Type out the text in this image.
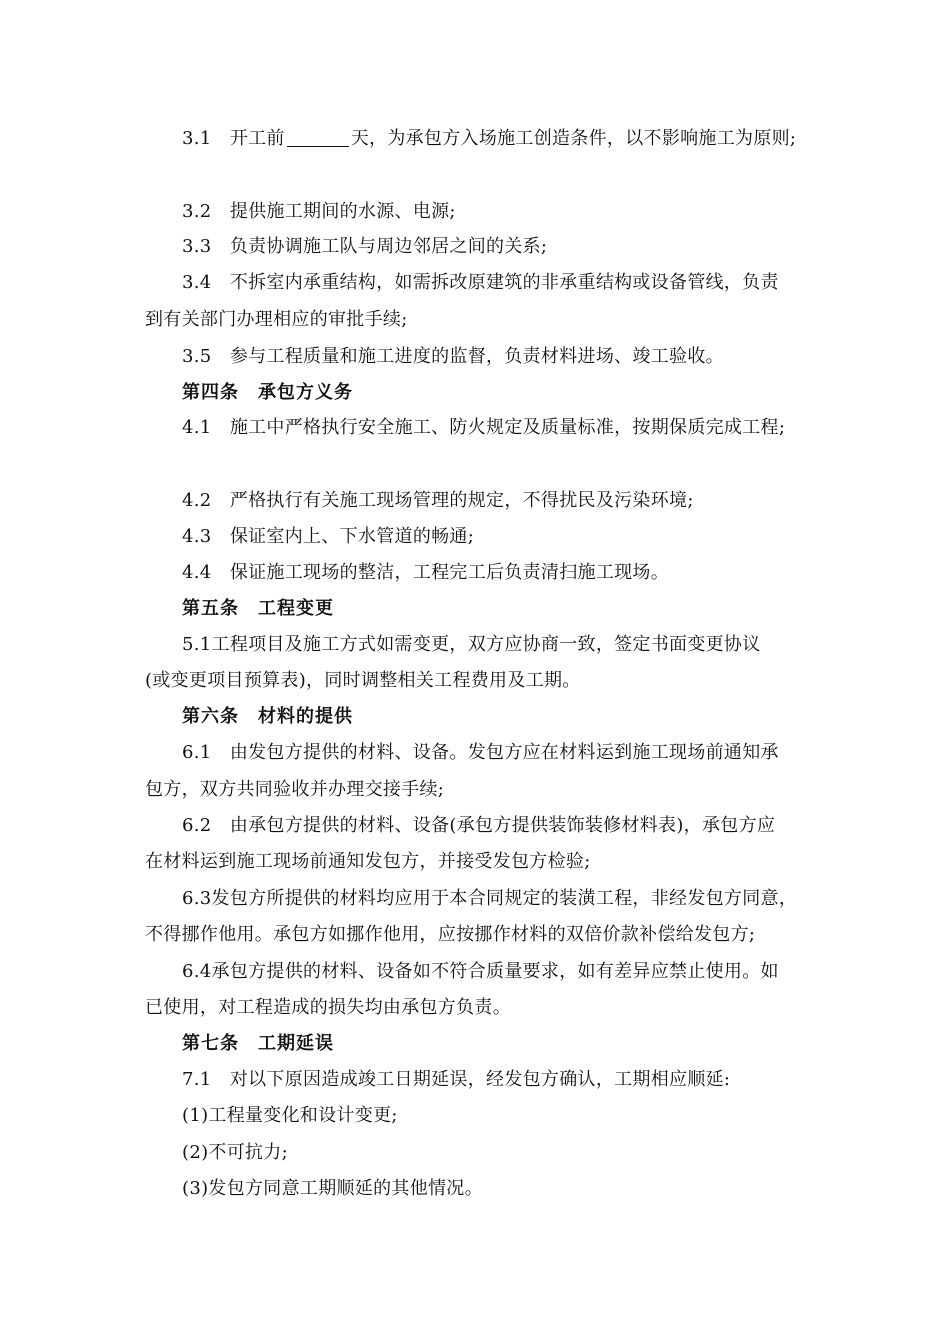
3.1　开工前	天，为承包方入场施工创造条件，以不影响施工为原则;
3.2　提供施工期间的水源、电源;
3.3　负责协调施工队与周边邻居之间的关系;
3.4　不拆室内承重结构，如需拆改原建筑的非承重结构或设备管线，负责
到有关部门办理相应的审批手续;
3.5　参与工程质量和施工进度的监督，负责材料进场、竣工验收。
第四条　承包方义务
4.1　施工中严格执行安全施工、防火规定及质量标准，按期保质完成工程;
4.2　严格执行有关施工现场管理的规定，不得扰民及污染环境;
4.3　保证室内上、下水管道的畅通;
4.4　保证施工现场的整洁，工程完工后负责清扫施工现场。
第五条　工程变更
5.1工程项目及施工方式如需变更，双方应协商一致，签定书面变更协议
(或变更项目预算表)，同时调整相关工程费用及工期。
第六条　材料的提供
6.1　由发包方提供的材料、设备。发包方应在材料运到施工现场前通知承
包方，双方共同验收并办理交接手续;
6.2　由承包方提供的材料、设备(承包方提供装饰装修材料表)，承包方应
在材料运到施工现场前通知发包方，并接受发包方检验;
6.3发包方所提供的材料均应用于本合同规定的装潢工程，非经发包方同意，
不得挪作他用。承包方如挪作他用，应按挪作材料的双倍价款补偿给发包方;
6.4承包方提供的材料、设备如不符合质量要求，如有差异应禁止使用。如
已使用，对工程造成的损失均由承包方负责。
第七条　工期延误
7.1　对以下原因造成竣工日期延误，经发包方确认，工期相应顺延:
(1)工程量变化和设计变更;
(2)不可抗力;
(3)发包方同意工期顺延的其他情况。
